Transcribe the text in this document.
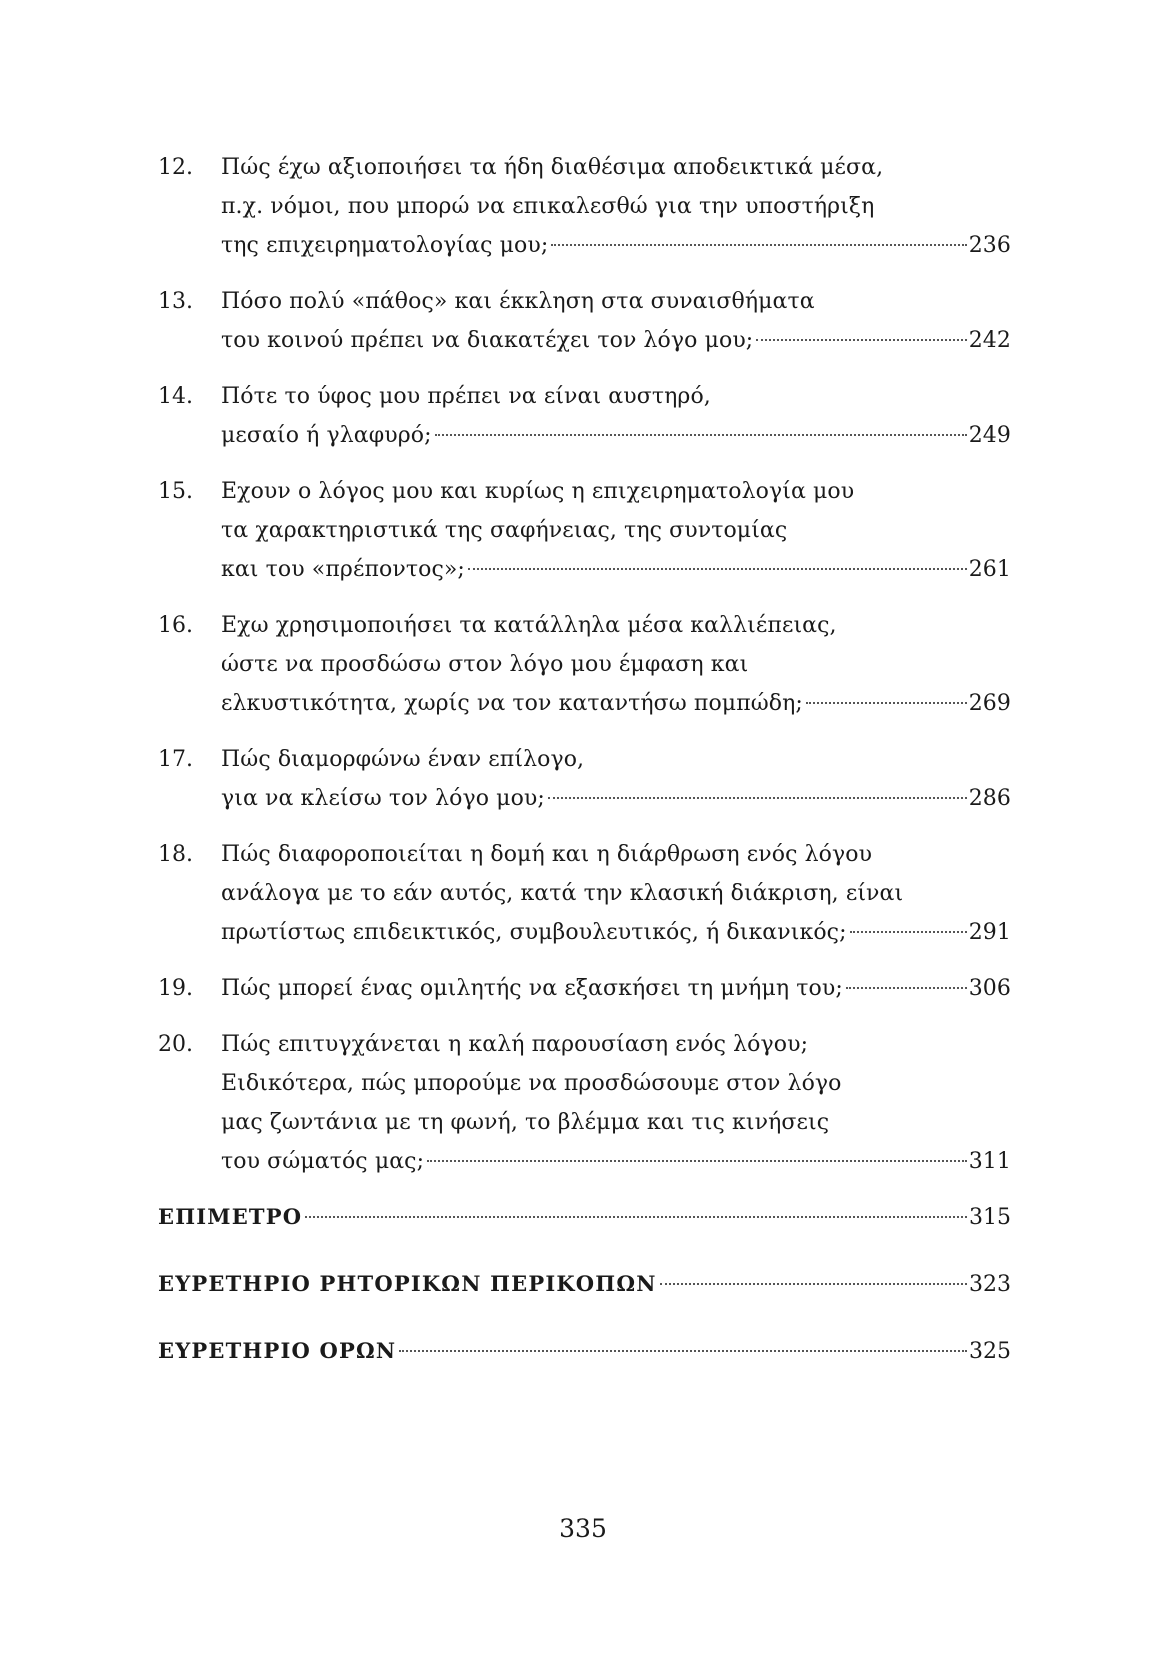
12. Πώς έχω αξιοποιήσει τα ήδη διαθέσιμα αποδεικτικά μέσα,
π.χ. νόμοι, που μπορώ να επικαλεσθώ για την υποστήριξη
της επιχειρηματολογίας μου;	236
13. Πόσο πολύ «πάθος» και έκκληση στα συναισθήματα
του κοινού πρέπει να διακατέχει τον λόγο μου;	242
14. Πότε το ύφος μου πρέπει να είναι αυστηρό,
μεσαίο ή γλαφυρό;	249
15. Εχουν ο λόγος μου και κυρίως η επιχειρηματολογία μου
τα χαρακτηριστικά της σαφήνειας, της συντομίας
και του «πρέποντος»;	261
16. Εχω χρησιμοποιήσει τα κατάλληλα μέσα καλλιέπειας,
ώστε να προσδώσω στον λόγο μου έμφαση και
ελκυστικότητα, χωρίς να τον καταντήσω πομπώδη;	269
17. Πώς διαμορφώνω έναν επίλογο,
για να κλείσω τον λόγο μου;	286
18. Πώς διαφοροποιείται η δομή και η διάρθρωση ενός λόγου
ανάλογα με το εάν αυτός, κατά την κλασική διάκριση, είναι
πρωτίστως επιδεικτικός, συμβουλευτικός, ή δικανικός;	291
19. Πώς μπορεί ένας ομιλητής να εξασκήσει τη μνήμη του;	306
20. Πώς επιτυγχάνεται η καλή παρουσίαση ενός λόγου;
Ειδικότερα, πώς μπορούμε να προσδώσουμε στον λόγο
μας ζωντάνια με τη φωνή, το βλέμμα και τις κινήσεις
του σώματός μας;	311
ΕΠΙΜΕΤΡΟ	315
ΕΥΡΕΤΗΡΙΟ ΡΗΤΟΡΙΚΩΝ ΠΕΡΙΚΟΠΩΝ	323
ΕΥΡΕΤΗΡΙΟ ΟΡΩΝ	325
335
